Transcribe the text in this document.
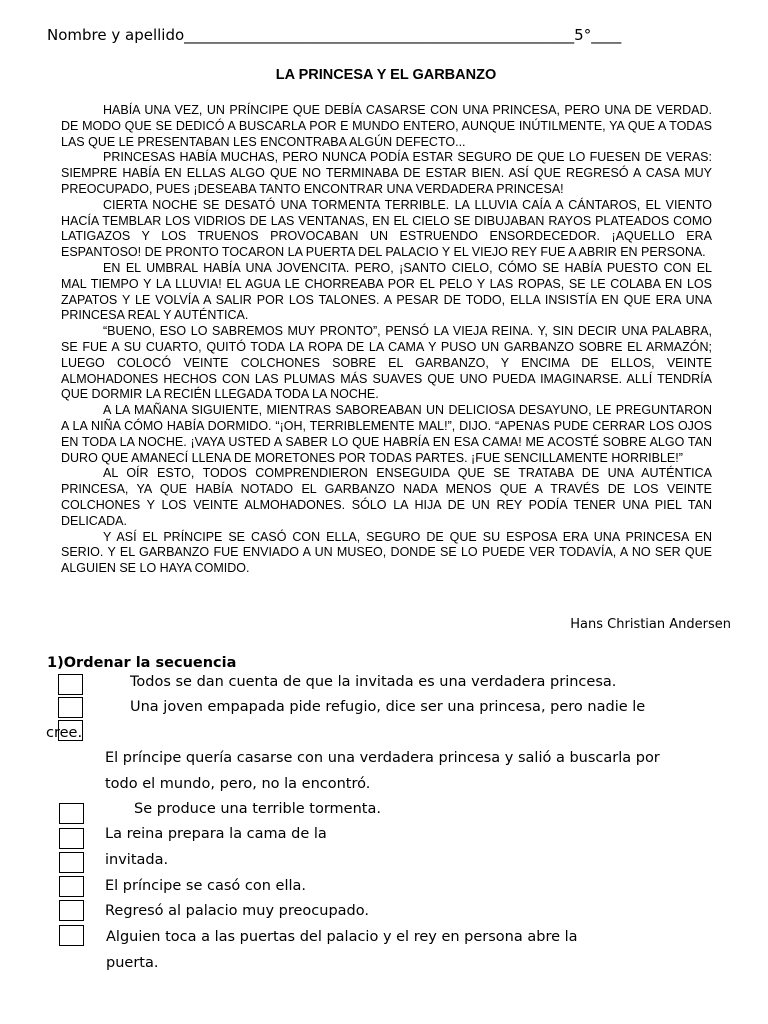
Nombre y apellido____________________________________________________5°____
LA PRINCESA Y EL GARBANZO

HABÍA UNA VEZ, UN PRÍNCIPE QUE DEBÍA CASARSE CON UNA PRINCESA, PERO UNA DE VERDAD. DE MODO QUE SE DEDICÓ A BUSCARLA POR E MUNDO ENTERO, AUNQUE INÚTILMENTE, YA QUE A TODAS LAS QUE LE PRESENTABAN LES ENCONTRABA ALGÚN DEFECTO...

PRINCESAS HABÍA MUCHAS, PERO NUNCA PODÍA ESTAR SEGURO DE QUE LO FUESEN DE VERAS: SIEMPRE HABÍA EN ELLAS ALGO QUE NO TERMINABA DE ESTAR BIEN. ASÍ QUE REGRESÓ A CASA MUY PREOCUPADO, PUES ¡DESEABA TANTO ENCONTRAR UNA VERDADERA PRINCESA!

CIERTA NOCHE SE DESATÓ UNA TORMENTA TERRIBLE. LA LLUVIA CAÍA A CÁNTAROS, EL VIENTO HACÍA TEMBLAR LOS VIDRIOS DE LAS VENTANAS, EN EL CIELO SE DIBUJABAN RAYOS PLATEADOS COMO LATIGAZOS Y LOS TRUENOS PROVOCABAN UN ESTRUENDO ENSORDECEDOR. ¡AQUELLO ERA ESPANTOSO! DE PRONTO TOCARON LA PUERTA DEL PALACIO Y EL VIEJO REY FUE A ABRIR EN PERSONA.

EN EL UMBRAL HABÍA UNA JOVENCITA. PERO, ¡SANTO CIELO, CÓMO SE HABÍA PUESTO CON EL MAL TIEMPO Y LA LLUVIA! EL AGUA LE CHORREABA POR EL PELO Y LAS ROPAS, SE LE COLABA EN LOS ZAPATOS Y LE VOLVÍA A SALIR POR LOS TALONES. A PESAR DE TODO, ELLA INSISTÍA EN QUE ERA UNA PRINCESA REAL Y AUTÉNTICA.

“BUENO, ESO LO SABREMOS MUY PRONTO”, PENSÓ LA VIEJA REINA. Y, SIN DECIR UNA PALABRA, SE FUE A SU CUARTO, QUITÓ TODA LA ROPA DE LA CAMA Y PUSO UN GARBANZO SOBRE EL ARMAZÓN; LUEGO COLOCÓ VEINTE COLCHONES SOBRE EL GARBANZO, Y ENCIMA DE ELLOS, VEINTE ALMOHADONES HECHOS CON LAS PLUMAS MÁS SUAVES QUE UNO PUEDA IMAGINARSE. ALLÍ TENDRÍA QUE DORMIR LA RECIÉN LLEGADA TODA LA NOCHE.

A LA MAÑANA SIGUIENTE, MIENTRAS SABOREABAN UN DELICIOSA DESAYUNO, LE PREGUNTARON A LA NIÑA CÓMO HABÍA DORMIDO. “¡OH, TERRIBLEMENTE MAL!”, DIJO. “APENAS PUDE CERRAR LOS OJOS EN TODA LA NOCHE. ¡VAYA USTED A SABER LO QUE HABRÍA EN ESA CAMA! ME ACOSTÉ SOBRE ALGO TAN DURO QUE AMANECÍ LLENA DE MORETONES POR TODAS PARTES. ¡FUE SENCILLAMENTE HORRIBLE!”

AL OÍR ESTO, TODOS COMPRENDIERON ENSEGUIDA QUE SE TRATABA DE UNA AUTÉNTICA PRINCESA, YA QUE HABÍA NOTADO EL GARBANZO NADA MENOS QUE A TRAVÉS DE LOS VEINTE COLCHONES Y LOS VEINTE ALMOHADONES. SÓLO LA HIJA DE UN REY PODÍA TENER UNA PIEL TAN DELICADA.

Y ASÍ EL PRÍNCIPE SE CASÓ CON ELLA, SEGURO DE QUE SU ESPOSA ERA UNA PRINCESA EN SERIO. Y EL GARBANZO FUE ENVIADO A UN MUSEO, DONDE SE LO PUEDE VER TODAVÍA, A NO SER QUE ALGUIEN SE LO HAYA COMIDO.

Hans Christian Andersen
1)Ordenar la secuencia
Todos se dan cuenta de que la invitada es una verdadera princesa.
Una joven empapada pide refugio, dice ser una princesa, pero nadie le
cree.
El príncipe quería casarse con una verdadera princesa y salió a buscarla por
todo el mundo, pero, no la encontró.
Se produce una terrible tormenta.
La reina prepara la cama de la
invitada.
El príncipe se casó con ella.
Regresó al palacio muy preocupado.
Alguien toca a las puertas del palacio y el rey en persona abre la
puerta.
